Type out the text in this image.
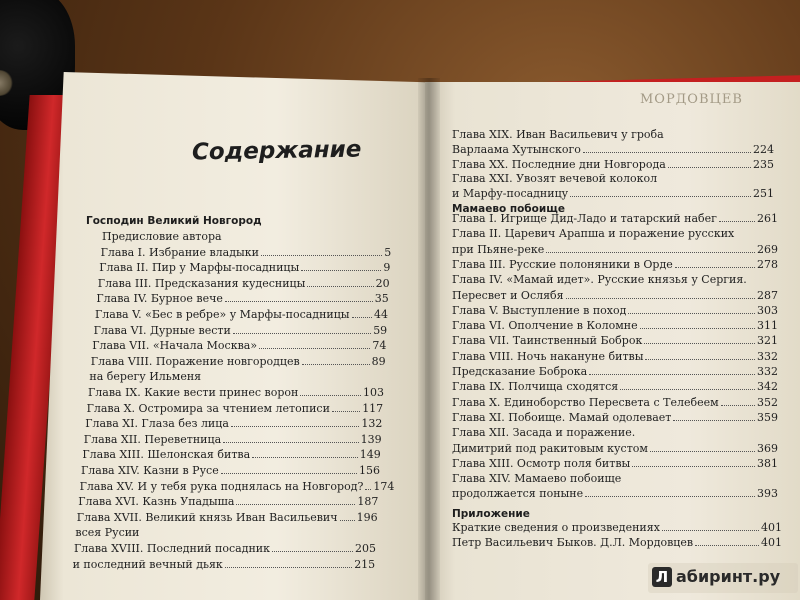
МОРДОВЦЕВ
Содержание
Господин Великий Новгород
Предисловие автора
Глава I. Избрание владыки	5
Глава II. Пир у Марфы-посадницы	9
Глава III. Предсказания кудесницы	20
Глава IV. Бурное вече	35
Глава V. «Бес в ребре» у Марфы-посадницы 44
Глава VI. Дурные вести	59
Глава VII. «Начала Москва»	74
Глава VIII. Поражение новгородцев	89
на берегу Ильменя
Глава IX. Какие вести принес ворон	103
Глава X. Остромира за чтением летописи	117
Глава XI. Глаза без лица	132
Глава XII. Переветница	139
Глава XIII. Шелонская битва	149
Глава XIV. Казни в Русе	156
Глава XV. И у тебя рука поднялась на Новгород? 174
Глава XVI. Казнь Упадыша	187
Глава XVII. Великий князь Иван Васильевич 196
всея Русии
Глава XVIII. Последний посадник	205
и последний вечный дьяк	215
Глава XIX. Иван Васильевич у гроба
Варлаама Хутынского	224
Глава XX. Последние дни Новгорода	235
Глава XXI. Увозят вечевой колокол
и Марфу-посадницу	251
Мамаево побоище
Глава I. Игрище Дид-Ладо и татарский набег	261
Глава II. Царевич Арапша и поражение русских
при Пьяне-реке	269
Глава III. Русские полоняники в Орде	278
Глава IV. «Мамай идет». Русские князья у Сергия.
Пересвет и Ослябя	287
Глава V. Выступление в поход	303
Глава VI. Ополчение в Коломне	311
Глава VII. Таинственный Боброк	321
Глава VIII. Ночь накануне битвы	332
Предсказание Боброка	332
Глава IX. Полчища сходятся	342
Глава X. Единоборство Пересвета с Телебеем	352
Глава XI. Побоище. Мамай одолевает	359
Глава XII. Засада и поражение.
Димитрий под ракитовым кустом	369
Глава XIII. Осмотр поля битвы	381
Глава XIV. Мамаево побоище
продолжается поныне	393
Приложение
Краткие сведения о произведениях	401
Петр Васильевич Быков. Д.Л. Мордовцев	401
Л абиринт.ру
